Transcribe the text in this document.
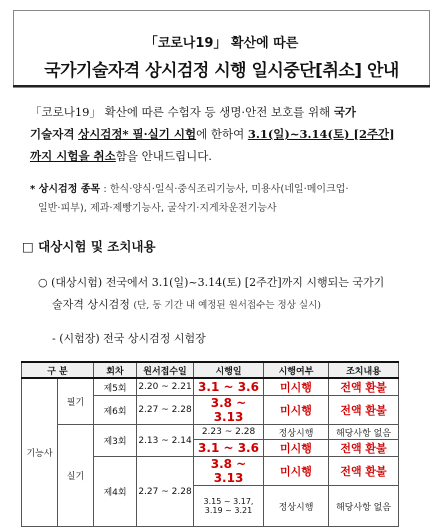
「코로나19」 확산에 따른
국가기술자격 상시검정 시행 일시중단[취소] 안내
「코로나19」 확산에 따른 수험자 등 생명·안전 보호를 위해 국가
기술자격 상시검정* 필·실기 시험에 한하여 3.1(일)~3.14(토) [2주간]
까지 시험을 취소함을 안내드립니다.
* 상시검정 종목 : 한식·양식·일식·중식조리기능사, 미용사(네일·메이크업·
일반·피부), 제과·제빵기능사, 굴삭기·지게차운전기능사
□ 대상시험 및 조치내용
○ (대상시험) 전국에서 3.1(일)~3.14(토) [2주간]까지 시행되는 국가기
술자격 상시검정 (단, 동 기간 내 예정된 원서접수는 정상 실시)
- (시험장) 전국 상시검정 시험장
구 분		회차	원서접수일	시행일	시행여부	조치내용
기능사	필기	제5회	2.20 ~ 2.21	3.1 ~ 3.6	미시행	전액 환불
		제6회	2.27 ~ 2.28	3.8 ~ 3.13	미시행	전액 환불
	실기	제3회	2.13 ~ 2.14	2.23 ~ 2.28	정상시행	해당사항 없음
				3.1 ~ 3.6	미시행	전액 환불
		제4회	2.27 ~ 2.28	3.8 ~ 3.13	미시행	전액 환불
				3.15 ~ 3.17, 3.19 ~ 3.21	정상시행	해당사항 없음
